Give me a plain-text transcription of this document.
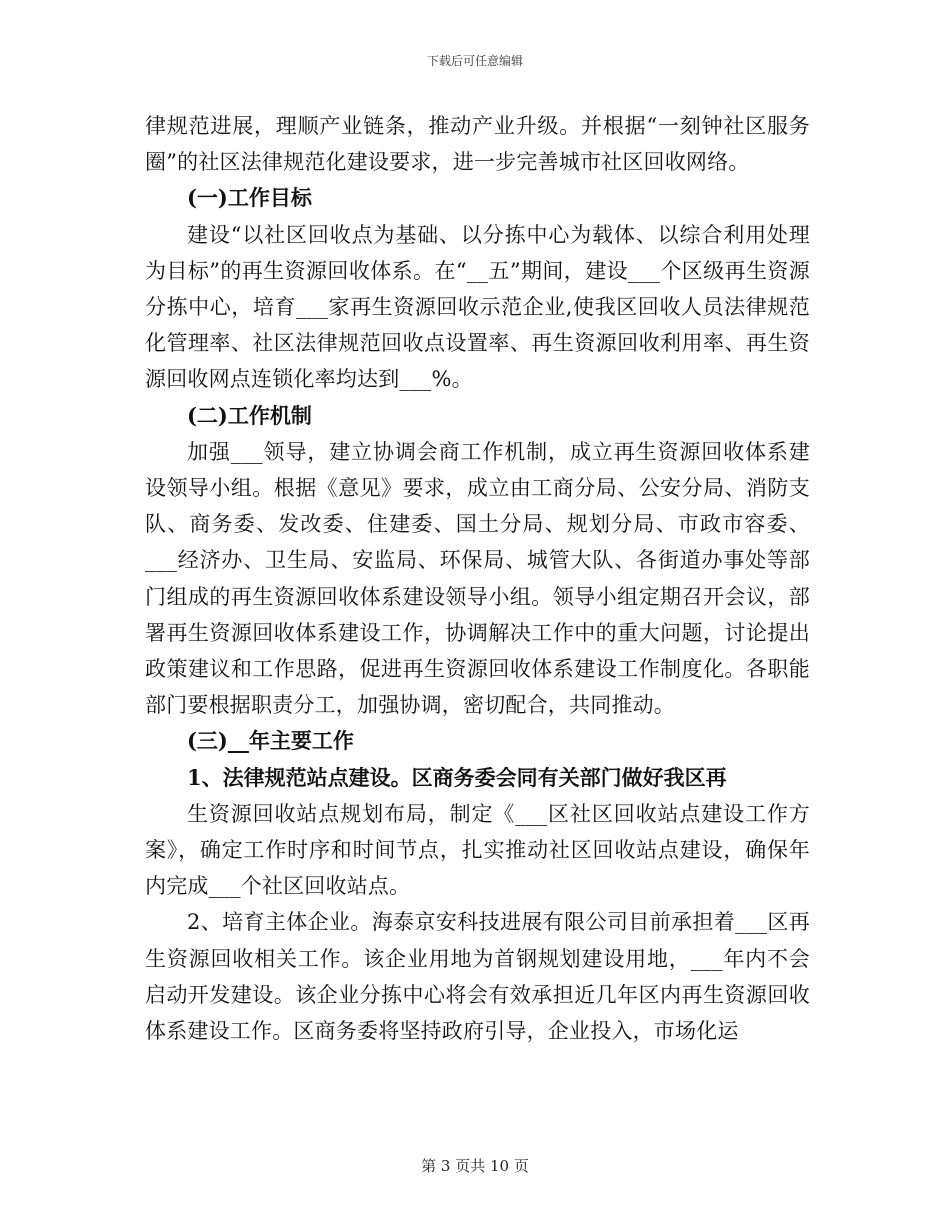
下载后可任意编辑

律规范进展，理顺产业链条，推动产业升级。并根据“一刻钟社区服务圈”的社区法律规范化建设要求，进一步完善城市社区回收网络。

(一)工作目标

建设“以社区回收点为基础、以分拣中心为载体、以综合利用处理为目标”的再生资源回收体系。在“__五”期间，建设___个区级再生资源分拣中心，培育___家再生资源回收示范企业,使我区回收人员法律规范化管理率、社区法律规范回收点设置率、再生资源回收利用率、再生资源回收网点连锁化率均达到___%。

(二)工作机制

加强___领导，建立协调会商工作机制，成立再生资源回收体系建设领导小组。根据《意见》要求，成立由工商分局、公安分局、消防支队、商务委、发改委、住建委、国土分局、规划分局、市政市容委、___经济办、卫生局、安监局、环保局、城管大队、各街道办事处等部门组成的再生资源回收体系建设领导小组。领导小组定期召开会议，部署再生资源回收体系建设工作，协调解决工作中的重大问题，讨论提出政策建议和工作思路，促进再生资源回收体系建设工作制度化。各职能部门要根据职责分工，加强协调，密切配合，共同推动。

(三)__年主要工作

1、法律规范站点建设。区商务委会同有关部门做好我区再

生资源回收站点规划布局，制定《___区社区回收站点建设工作方案》，确定工作时序和时间节点，扎实推动社区回收站点建设，确保年内完成___个社区回收站点。

2、培育主体企业。海泰京安科技进展有限公司目前承担着___区再生资源回收相关工作。该企业用地为首钢规划建设用地，___年内不会启动开发建设。该企业分拣中心将会有效承担近几年区内再生资源回收体系建设工作。区商务委将坚持政府引导，企业投入，市场化运

第 3 页共 10 页
